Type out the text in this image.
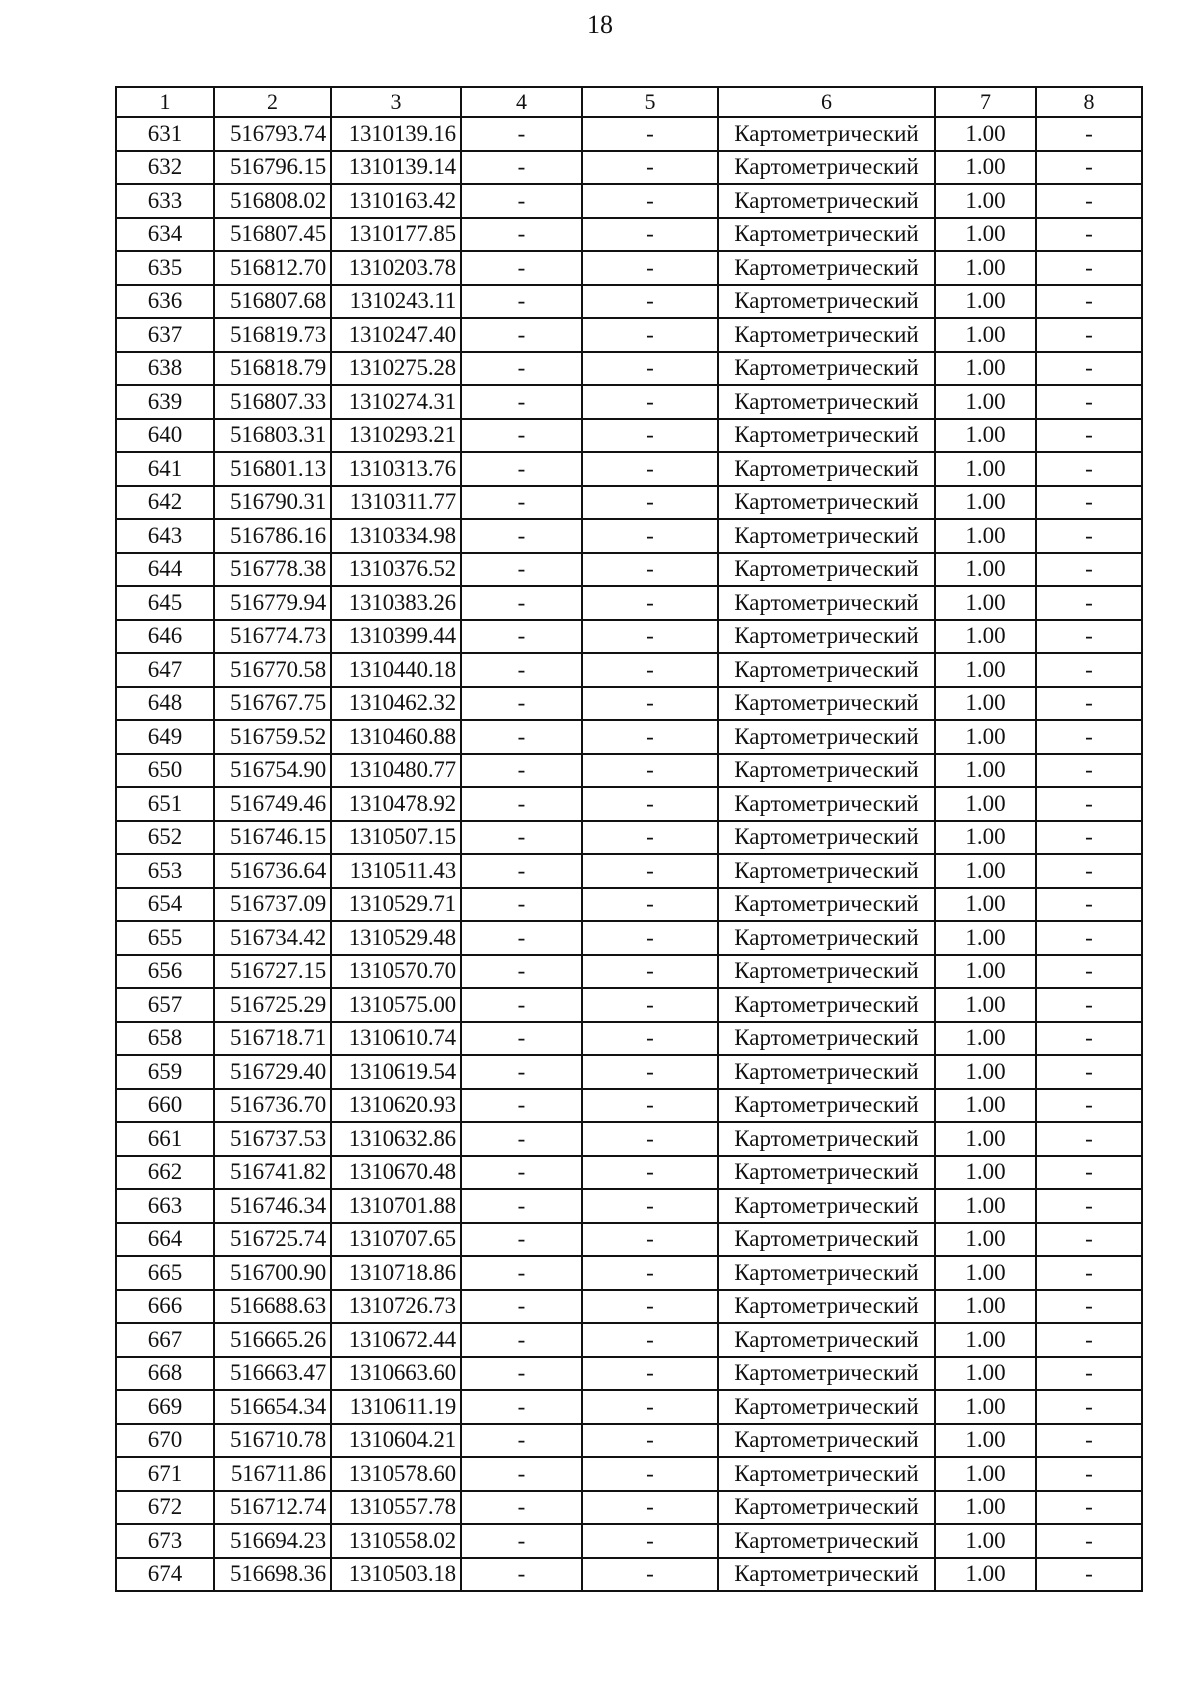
18
1	2	3	4	5	6	7	8
631	516793.74	1310139.16	-	-	Картометрический	1.00	-
632	516796.15	1310139.14	-	-	Картометрический	1.00	-
633	516808.02	1310163.42	-	-	Картометрический	1.00	-
634	516807.45	1310177.85	-	-	Картометрический	1.00	-
635	516812.70	1310203.78	-	-	Картометрический	1.00	-
636	516807.68	1310243.11	-	-	Картометрический	1.00	-
637	516819.73	1310247.40	-	-	Картометрический	1.00	-
638	516818.79	1310275.28	-	-	Картометрический	1.00	-
639	516807.33	1310274.31	-	-	Картометрический	1.00	-
640	516803.31	1310293.21	-	-	Картометрический	1.00	-
641	516801.13	1310313.76	-	-	Картометрический	1.00	-
642	516790.31	1310311.77	-	-	Картометрический	1.00	-
643	516786.16	1310334.98	-	-	Картометрический	1.00	-
644	516778.38	1310376.52	-	-	Картометрический	1.00	-
645	516779.94	1310383.26	-	-	Картометрический	1.00	-
646	516774.73	1310399.44	-	-	Картометрический	1.00	-
647	516770.58	1310440.18	-	-	Картометрический	1.00	-
648	516767.75	1310462.32	-	-	Картометрический	1.00	-
649	516759.52	1310460.88	-	-	Картометрический	1.00	-
650	516754.90	1310480.77	-	-	Картометрический	1.00	-
651	516749.46	1310478.92	-	-	Картометрический	1.00	-
652	516746.15	1310507.15	-	-	Картометрический	1.00	-
653	516736.64	1310511.43	-	-	Картометрический	1.00	-
654	516737.09	1310529.71	-	-	Картометрический	1.00	-
655	516734.42	1310529.48	-	-	Картометрический	1.00	-
656	516727.15	1310570.70	-	-	Картометрический	1.00	-
657	516725.29	1310575.00	-	-	Картометрический	1.00	-
658	516718.71	1310610.74	-	-	Картометрический	1.00	-
659	516729.40	1310619.54	-	-	Картометрический	1.00	-
660	516736.70	1310620.93	-	-	Картометрический	1.00	-
661	516737.53	1310632.86	-	-	Картометрический	1.00	-
662	516741.82	1310670.48	-	-	Картометрический	1.00	-
663	516746.34	1310701.88	-	-	Картометрический	1.00	-
664	516725.74	1310707.65	-	-	Картометрический	1.00	-
665	516700.90	1310718.86	-	-	Картометрический	1.00	-
666	516688.63	1310726.73	-	-	Картометрический	1.00	-
667	516665.26	1310672.44	-	-	Картометрический	1.00	-
668	516663.47	1310663.60	-	-	Картометрический	1.00	-
669	516654.34	1310611.19	-	-	Картометрический	1.00	-
670	516710.78	1310604.21	-	-	Картометрический	1.00	-
671	516711.86	1310578.60	-	-	Картометрический	1.00	-
672	516712.74	1310557.78	-	-	Картометрический	1.00	-
673	516694.23	1310558.02	-	-	Картометрический	1.00	-
674	516698.36	1310503.18	-	-	Картометрический	1.00	-
